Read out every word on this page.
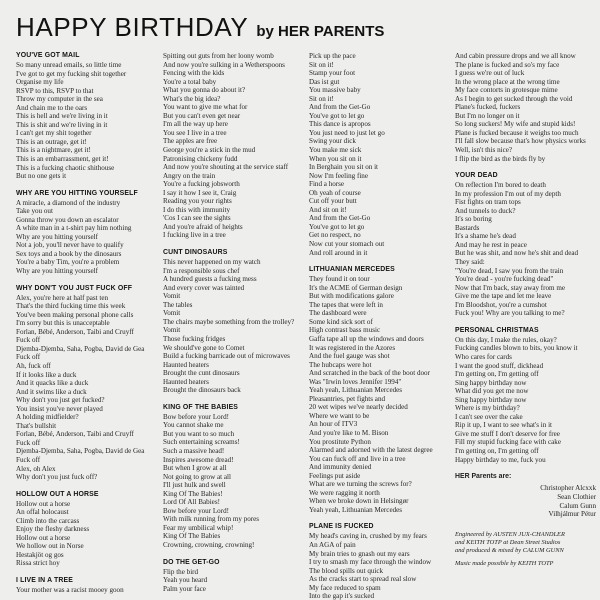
HAPPY BIRTHDAY by HER PARENTS
YOU'VE GOT MAIL
So many unread emails, so little time
I've got to get my fucking shit together
Organise my life
RSVP to this, RSVP to that
Throw my computer in the sea
And chain me to the oars
This is hell and we're living in it
This is shit and we're living in it
I can't get my shit together
This is an outrage, get it!
This is a nightmare, get it!
This is an embarrassment, get it!
This is a fucking chaotic shithouse
But no one gets it
WHY ARE YOU HITTING YOURSELF
A miracle, a diamond of the industry
Take you out
Gonna throw you down an escalator
A white man in a t-shirt pay him nothing
Why are you hitting yourself
Not a job, you'll never have to qualify
Sex toys and a book by the dinosaurs
You're a baby Tim, you're a problem
Why are you hitting yourself
WHY DON'T YOU JUST FUCK OFF
Alex, you're here at half past ten
That's the third fucking time this week
You've been making personal phone calls
I'm sorry but this is unacceptable
Forlan, Bébé, Anderson, Taibi and Cruyff
Fuck off
Djemba-Djemba, Saha, Pogba, David de Gea
Fuck off
Ah, fuck off
If it looks like a duck
And it quacks like a duck
And it swims like a duck
Why don't you just get fucked?
You insist you've never played
A holding midfielder?
That's bullshit
Forlan, Bébé, Anderson, Taibi and Cruyff
Fuck off
Djemba-Djemba, Saha, Pogba, David de Gea
Fuck off
Alex, oh Alex
Why don't you just fuck off?
HOLLOW OUT A HORSE
Hollow out a horse
An offal holocaust
Climb into the carcass
Enjoy the fleshy darkness
Hollow out a horse
We hollow out in Norse
Hestakjöt og gos
Rissa strict hoy
I LIVE IN A TREE
Your mother was a racist mooey goon
Spitting out guts from her loony womb
And now you're sulking in a Wetherspoons
Fencing with the kids
You're a total baby
What you gonna do about it?
What's the big idea?
You want to give me what for
But you can't even get near
I'm all the way up here
You see I live in a tree
The apples are free
George you're a stick in the mud
Patronising chickeny fudd
And now you're shouting at the service staff
Angry on the train
You're a fucking jobsworth
I say it how I see it, Craig
Reading you your rights
I do this with immunity
'Cos I can see the sights
And you're afraid of heights
I fucking live in a tree
CUNT DINOSAURS
This never happened on my watch
I'm a responsible sous chef
A hundred guests a fucking mess
And every cover was tainted
Vomit
The tables
Vomit
The chairs maybe something from the trolley?
Vomit
Those fucking fridges
We should've gone to Comet
Build a fucking barricade out of microwaves
Haunted heaters
Brought the cunt dinosaurs
Haunted heaters
Brought the dinosaurs back
KING OF THE BABIES
Bow before your Lord!
You cannot shake me
But you want to so much
Such entertaining screams!
Such a massive head!
Inspires awesome dread!
But when I grow at all
Not going to grow at all
I'll just hulk and swell
King Of The Babies!
Lord Of All Babies!
Bow before your Lord!
With milk running from my pores
Fear my umbilical whip!
King Of The Babies
Crowning, crowning, crowning!
DO THE GET-GO
Flip the bird
Yeah you heard
Palm your face
Pick up the pace
Sit on it!
Stamp your foot
Das ist gut
You massive baby
Sit on it!
And from the Get-Go
You've got to let go
This dance is apropos
You just need to just let go
Swing your dick
You make me sick
When you sit on it
In Berghain you sit on it
Now I'm feeling fine
Find a horse
Oh yeah of course
Cut off your butt
And sit on it!
And from the Get-Go
You've got to let go
Get no respect, no
Now cut your stomach out
And roll around in it
LITHUANIAN MERCEDES
They found it on tour
It's the ACME of German design
But with modifications galore
The tapes that were left in
The dashboard were
Some kind sick sort of
High contrast bass music
Gaffa tape all up the windows and doors
It was registered in the Azores
And the fuel gauge was shot
The hubcaps were hot
And scratched in the back of the boot door
Was "Irwin loves Jennifer 1994"
Yeah yeah, Lithuanian Mercedes
Pleasantries, pet fights and
20 wet wipes we've nearly decided
Where we want to be
An hour of ITV3
And you're like to M. Bison
You prostitute Python
Alarmed and adorned with the latest degree
You can fuck off and live in a tree
And immunity denied
Feelings put aside
What are we turning the screws for?
We were ragging it north
When we broke down in Helsingør
Yeah yeah, Lithuanian Mercedes
PLANE IS FUCKED
My head's caving in, crushed by my fears
An AGA of pain
My brain tries to gnash out my ears
I try to smash my face through the window
The blood spills out quick
As the cracks start to spread real slow
My face reduced to spam
Into the gap it's sucked
And cabin pressure drops and we all know
The plane is fucked and so's my face
I guess we're out of luck
In the wrong place at the wrong time
My face contorts in grotesque mime
As I begin to get sucked through the void
Plane's fucked, fuckers
But I'm no longer on it
So long suckers! My wife and stupid kids!
Plane is fucked because it weighs too much
I'll fall slow because that's how physics works
Well, isn't this nice?
I flip the bird as the birds fly by
YOUR DEAD
On reflection I'm bored to death
In my profession I'm out of my depth
Fist fights on tram tops
And tunnels to duck?
It's so boring
Bastards
It's a shame he's dead
And may he rest in peace
But he was shit, and now he's shit and dead
They said:
"You're dead, I saw you from the train
You're dead - you're fucking dead"
Now that I'm back, stay away from me
Give me the tape and let me leave
I'm Bloodshot, you're a cumshot
Fuck you! Why are you talking to me?
PERSONAL CHRISTMAS
On this day, I make the rules, okay?
Fucking candles blown to bits, you know it
Who cares for cards
I want the good stuff, dickhead
I'm getting on, I'm getting off
Sing happy birthday now
What did you get me now
Sing happy birthday now
Where is my birthday?
I can't see over the cake
Rip it up, I want to see what's in it
Give me stuff I don't deserve for free
Fill my stupid fucking face with cake
I'm getting on, I'm getting off
Happy birthday to me, fuck you
HER Parents are:
Christopher Alcxxk
Sean Clothier
Calum Gunn
Vilhjálmur Pétur
Engineered by AUSTEN JUX-CHANDLER
and KEITH TOTP at Dean Street Studios
and produced & mixed by CALUM GUNN
Music made possible by KEITH TOTP
